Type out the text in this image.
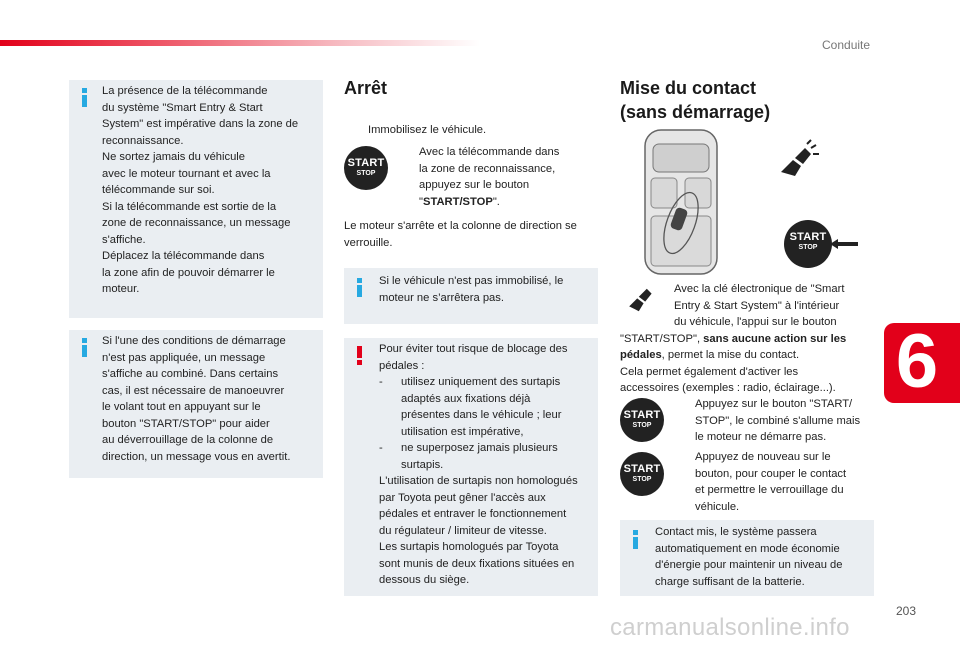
Conduite
6
203
carmanualsonline.info
La présence de la télécommande
du système "Smart Entry & Start
System" est impérative dans la zone de
reconnaissance.
Ne sortez jamais du véhicule
avec le moteur tournant et avec la
télécommande sur soi.
Si la télécommande est sortie de la
zone de reconnaissance, un message
s'affiche.
Déplacez la télécommande dans
la zone afin de pouvoir démarrer le
moteur.
Si l'une des conditions de démarrage
n'est pas appliquée, un message
s'affiche au combiné. Dans certains
cas, il est nécessaire de manoeuvrer
le volant tout en appuyant sur le
bouton "START/STOP" pour aider
au déverrouillage de la colonne de
direction, un message vous en avertit.
Arrêt
Immobilisez le véhicule.
START
STOP
Avec la télécommande dans
la zone de reconnaissance,
appuyez sur le bouton
"START/STOP".
Le moteur s'arrête et la colonne de direction se
verrouille.
Si le véhicule n'est pas immobilisé, le
moteur ne s’arrêtera pas.
Pour éviter tout risque de blocage des
pédales :
- utilisez uniquement des surtapis
adaptés aux fixations déjà
présentes dans le véhicule ; leur
utilisation est impérative,
- ne superposez jamais plusieurs
surtapis.
L'utilisation de surtapis non homologués
par Toyota peut gêner l'accès aux
pédales et entraver le fonctionnement
du régulateur / limiteur de vitesse.
Les surtapis homologués par Toyota
sont munis de deux fixations situées en
dessous du siège.
Mise du contact
(sans démarrage)
START
STOP
Avec la clé électronique de "Smart
Entry & Start System" à l'intérieur
du véhicule, l'appui sur le bouton
"START/STOP", sans aucune action sur les
pédales, permet la mise du contact.
Cela permet également d'activer les
accessoires (exemples : radio, éclairage...).
START
STOP
Appuyez sur le bouton "START/
STOP", le combiné s'allume mais
le moteur ne démarre pas.
START
STOP
Appuyez de nouveau sur le
bouton, pour couper le contact
et permettre le verrouillage du
véhicule.
Contact mis, le système passera
automatiquement en mode économie
d'énergie pour maintenir un niveau de
charge suffisant de la batterie.
